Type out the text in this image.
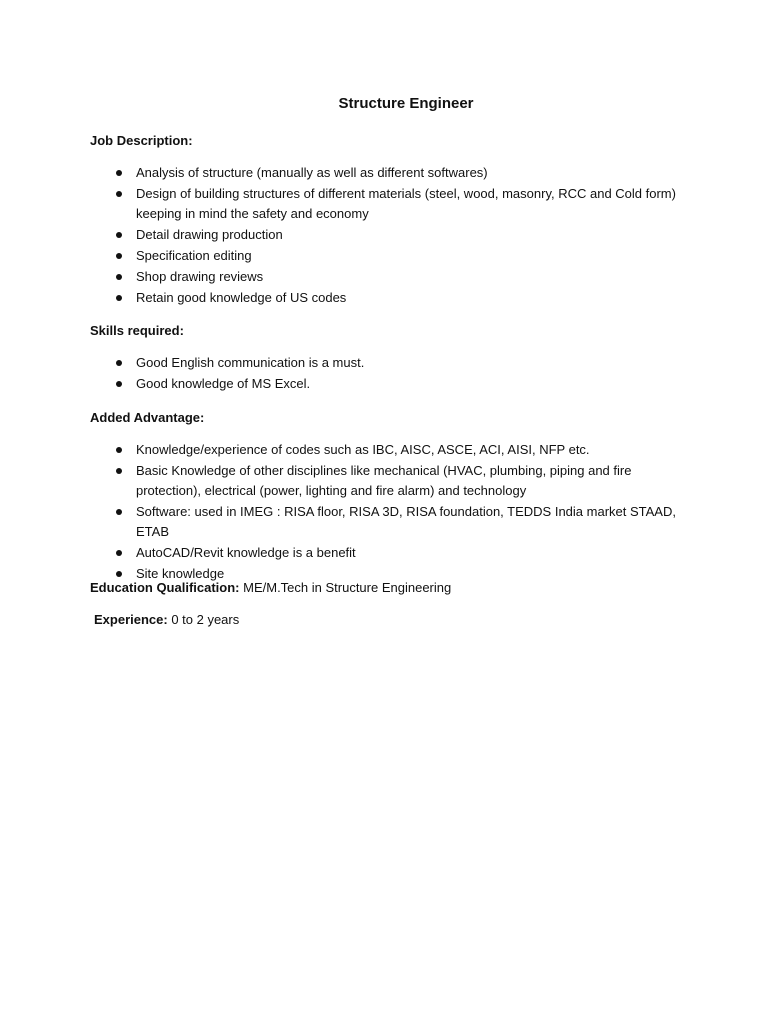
Structure Engineer
Job Description:
Analysis of structure (manually as well as different softwares)
Design of building structures of different materials (steel, wood, masonry, RCC and Cold form) keeping in mind the safety and economy
Detail drawing production
Specification editing
Shop drawing reviews
Retain good knowledge of US codes
Skills required:
Good English communication is a must.
Good knowledge of MS Excel.
Added Advantage:
Knowledge/experience of codes such as IBC, AISC, ASCE, ACI, AISI, NFP etc.
Basic Knowledge of other disciplines like mechanical (HVAC, plumbing, piping and fire protection), electrical (power, lighting and fire alarm) and technology
Software: used in IMEG : RISA floor, RISA 3D, RISA foundation, TEDDS India market STAAD, ETAB
AutoCAD/Revit knowledge is a benefit
Site knowledge
Education Qualification: ME/M.Tech in Structure Engineering
Experience: 0 to 2 years
